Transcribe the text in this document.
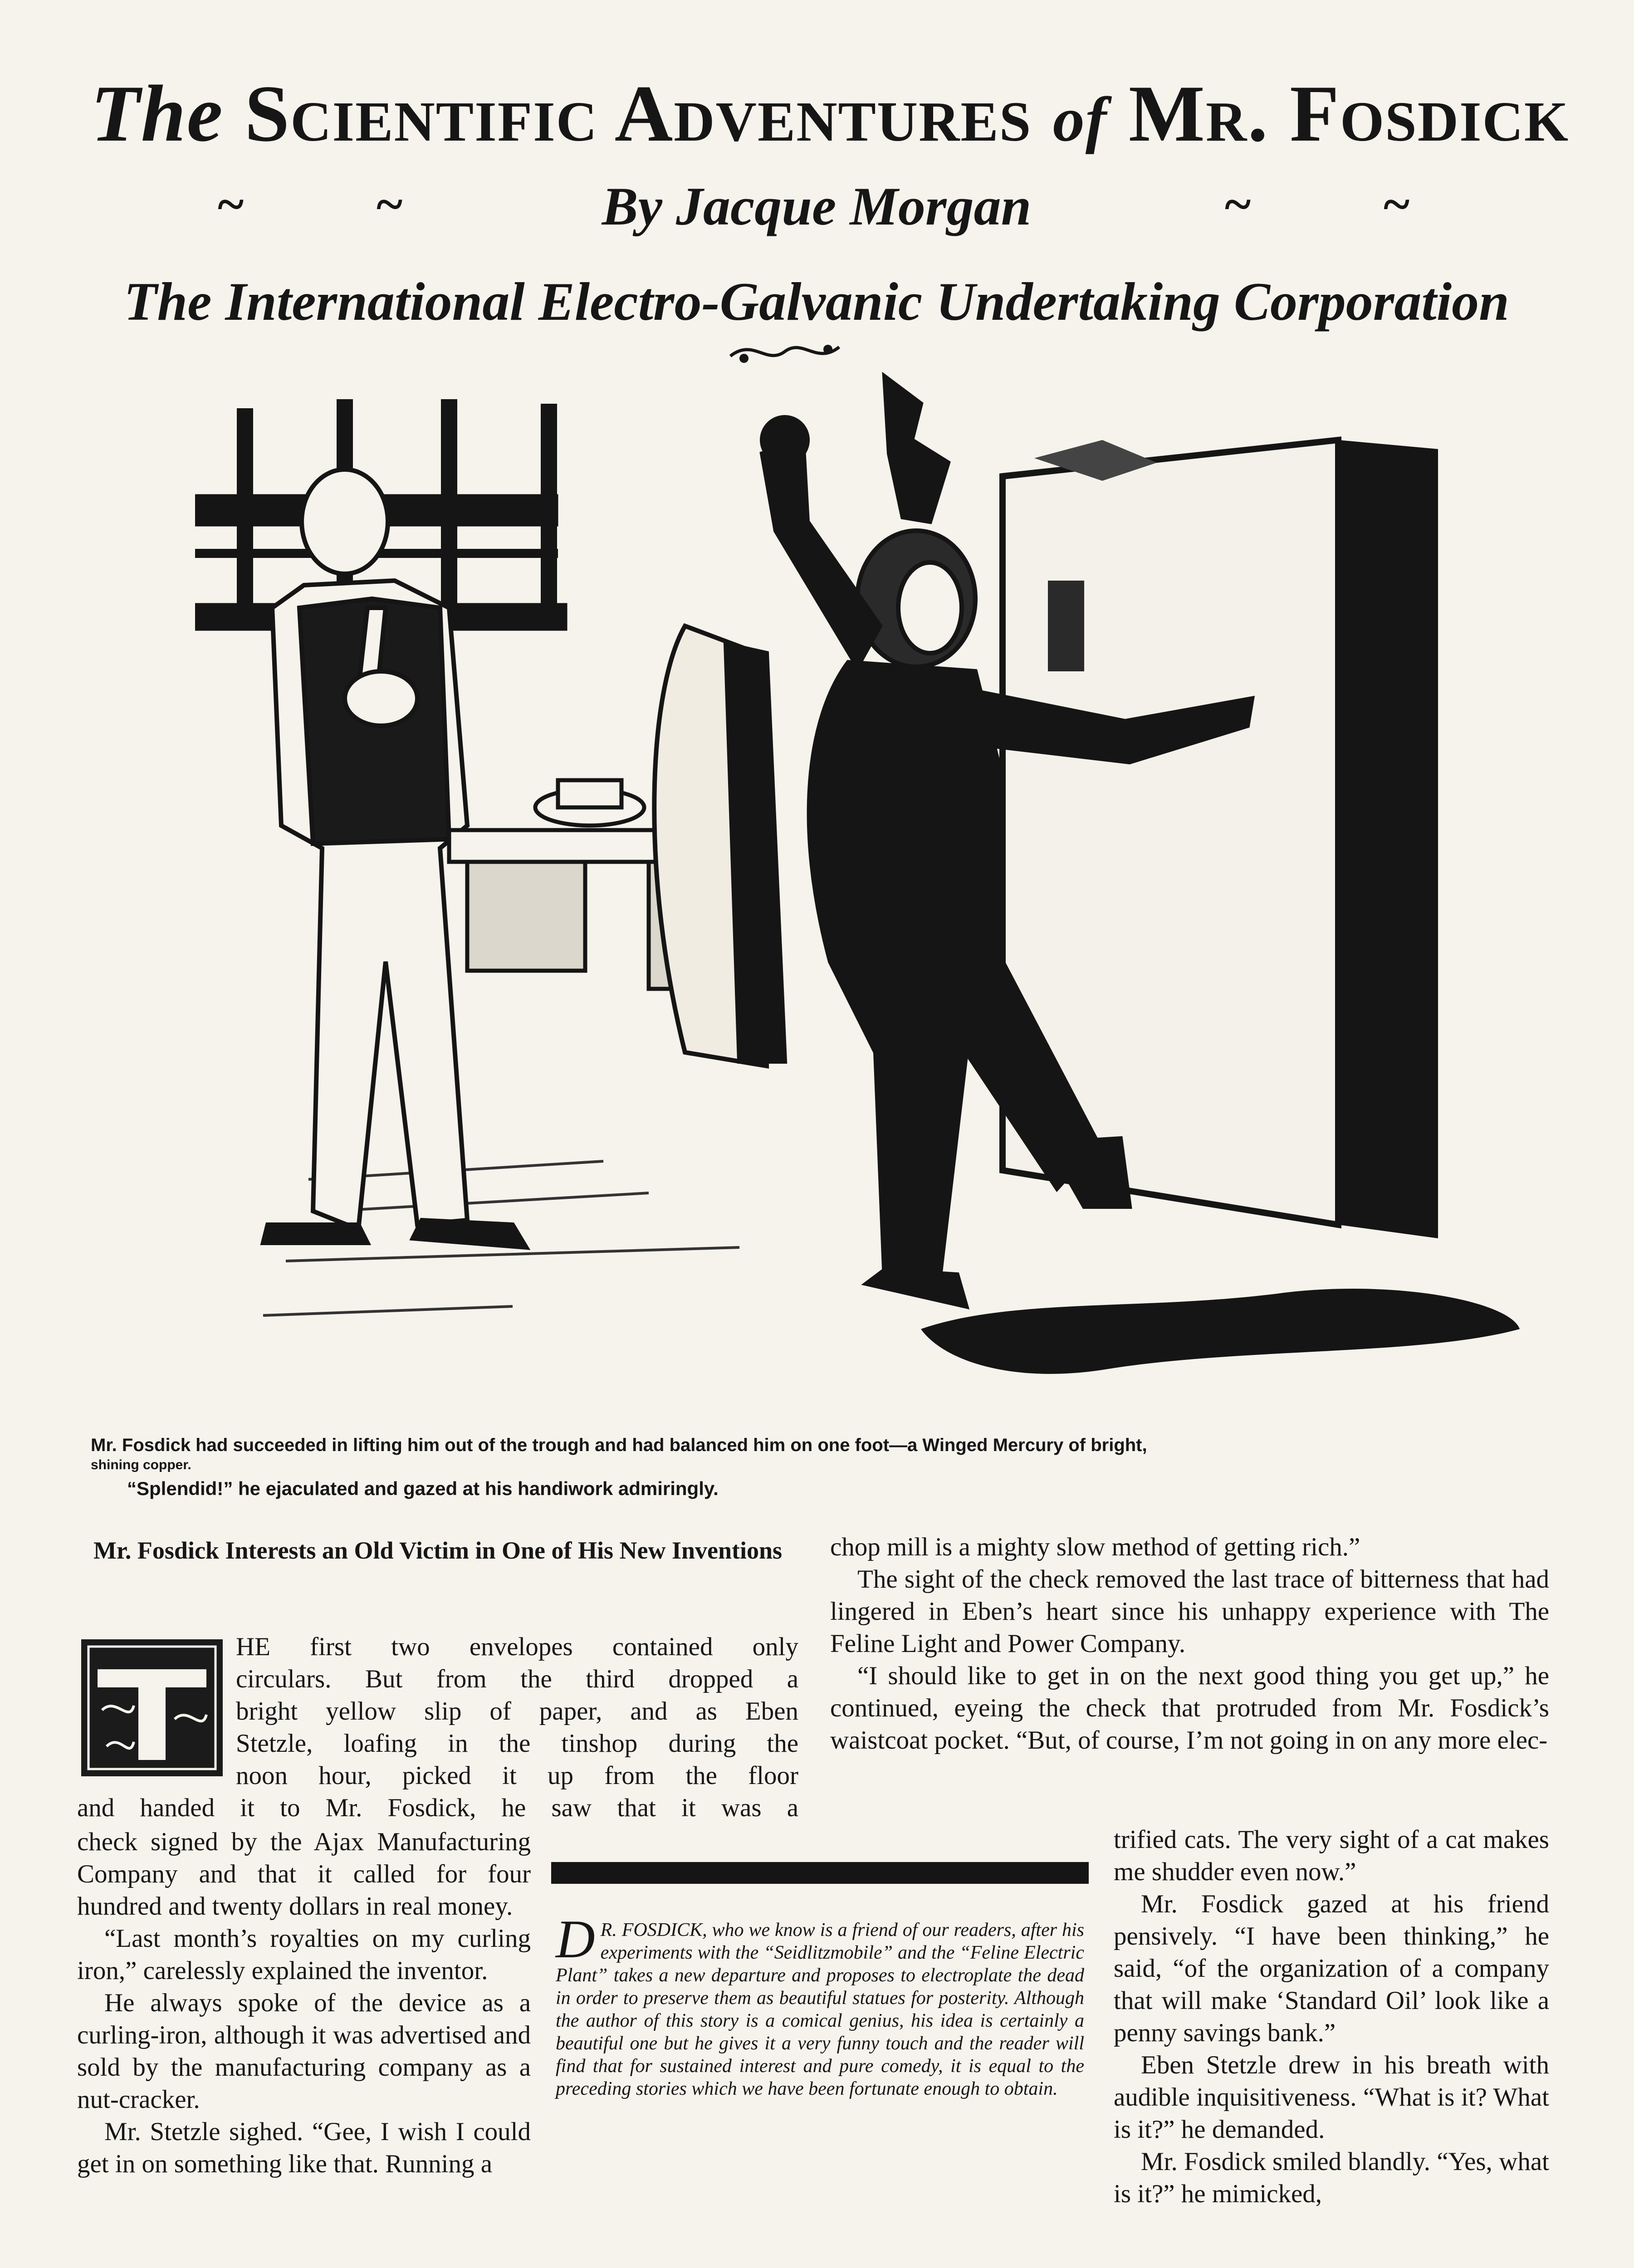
The Scientific Adventures of Mr. Fosdick
~	~	By Jacque Morgan	~	~
The International Electro-Galvanic Undertaking Corporation
Mr. Fosdick had succeeded in lifting him out of the trough and had balanced him on one foot—a Winged Mercury of bright,
shining copper.
“Splendid!” he ejaculated and gazed at his handiwork admiringly.
Mr. Fosdick Interests an Old Victim in One of His New Inventions
HE first two envelopes contained only
circulars. But from the third dropped a
bright yellow slip of paper, and as Eben
Stetzle, loafing in the tinshop during the
noon hour, picked it up from the floor
and handed it to Mr. Fosdick, he saw that it was a

check signed by the Ajax Manufacturing Company and that it called for four hundred and twenty dollars in real money.

“Last month’s royalties on my curling iron,” carelessly explained the inventor.

He always spoke of the device as a curling-iron, although it was advertised and sold by the manufacturing company as a nut-cracker.

Mr. Stetzle sighed. “Gee, I wish I could get in on something like that. Running a

chop mill is a mighty slow method of getting rich.”

The sight of the check removed the last trace of bitterness that had lingered in Eben’s heart since his unhappy experience with The Feline Light and Power Company.

“I should like to get in on the next good thing you get up,” he continued, eyeing the check that protruded from Mr. Fosdick’s waistcoat pocket. “But, of course, I’m not going in on any more elec-

D R. FOSDICK, who we know is a friend of our readers, after his experiments with the “Seidlitzmobile” and the “Feline Electric Plant” takes a new departure and proposes to electroplate the dead in order to preserve them as beautiful statues for posterity. Although the author of this story is a comical genius, his idea is certainly a beautiful one but he gives it a very funny touch and the reader will find that for sustained interest and pure comedy, it is equal to the preceding stories which we have been fortunate enough to obtain.

trified cats. The very sight of a cat makes me shudder even now.”

Mr. Fosdick gazed at his friend pensively. “I have been thinking,” he said, “of the organization of a company that will make ‘Standard Oil’ look like a penny savings bank.”

Eben Stetzle drew in his breath with audible inquisitiveness. “What is it? What is it?” he demanded.

Mr. Fosdick smiled blandly. “Yes, what is it?” he mimicked,
